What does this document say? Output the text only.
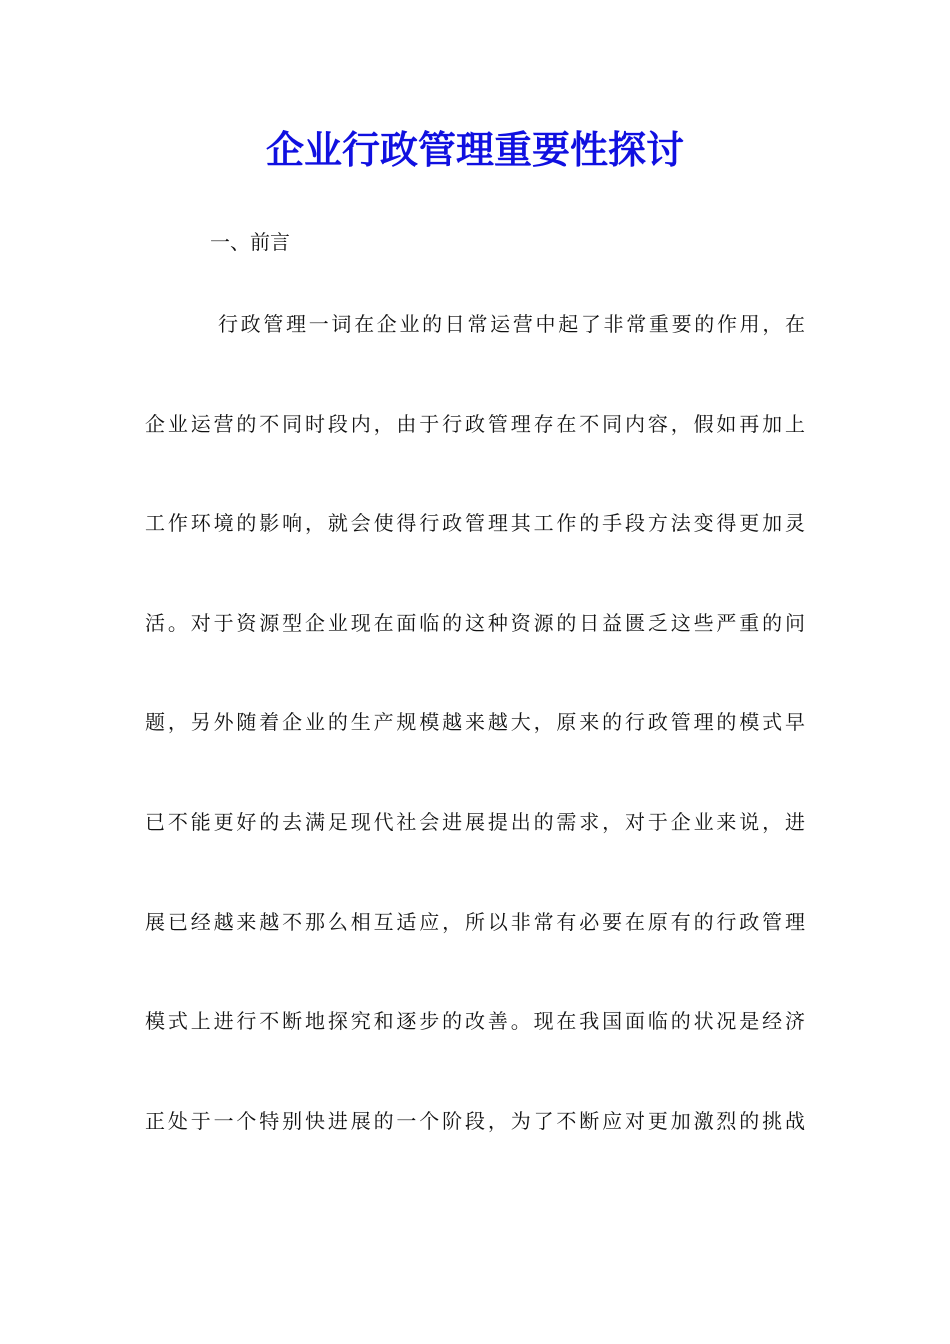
企业行政管理重要性探讨

一、前言

行政管理一词在企业的日常运营中起了非常重要的作用，在
企业运营的不同时段内，由于行政管理存在不同内容，假如再加上
工作环境的影响，就会使得行政管理其工作的手段方法变得更加灵
活。对于资源型企业现在面临的这种资源的日益匮乏这些严重的问
题，另外随着企业的生产规模越来越大，原来的行政管理的模式早
已不能更好的去满足现代社会进展提出的需求，对于企业来说，进
展已经越来越不那么相互适应，所以非常有必要在原有的行政管理
模式上进行不断地探究和逐步的改善。现在我国面临的状况是经济
正处于一个特别快进展的一个阶段，为了不断应对更加激烈的挑战
